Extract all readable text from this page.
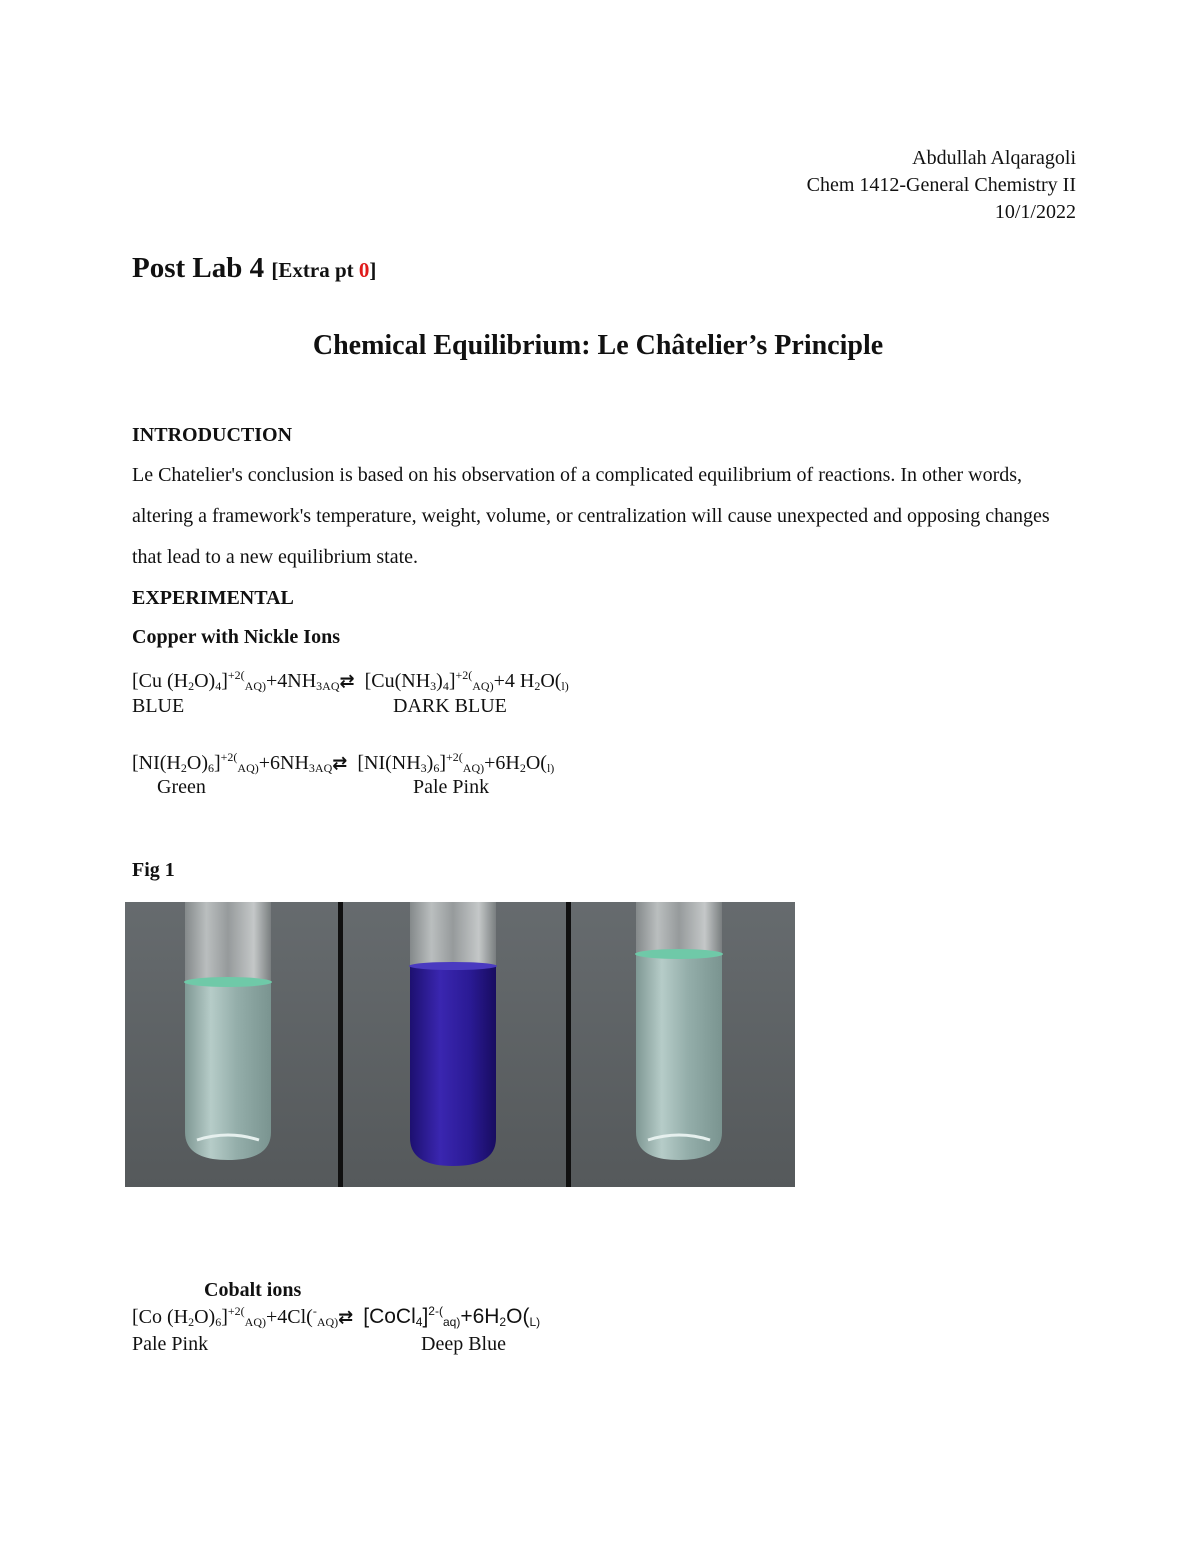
Abdullah Alqaragoli
Chem 1412-General Chemistry II
10/1/2022
Post Lab 4 [Extra pt 0]
Chemical Equilibrium: Le Châtelier’s Principle
INTRODUCTION
Le Chatelier's conclusion is based on his observation of a complicated equilibrium of reactions. In other words, altering a framework's temperature, weight, volume, or centralization will cause unexpected and opposing changes that lead to a new equilibrium state.
EXPERIMENTAL
Copper with Nickle Ions
[Cu $(H_2O)_4]^{+2(}_{AQ)}+4NH_{3AQ}⇄$  $[Cu(NH_3)_4]^{+2(}_{AQ)}+4$ $H_2O(_{l)}$
BLUE	DARK BLUE
$[NI(H_2O)_6]^{+2(}_{AQ)}+6NH_{3AQ}⇄$  $[NI(NH_3)_6]^{+2(}_{AQ)}+6H_2O(_{l)}$
Green	Pale Pink
Fig 1
Cobalt ions
[Co $(H_2O)_6]^{+2(}_{AQ)}+4Cl(^-_{AQ)}⇄$ $[CoCl_4]^{2-(}_{aq)}+6H_2O(_{L)}$
Pale Pink	Deep Blue
